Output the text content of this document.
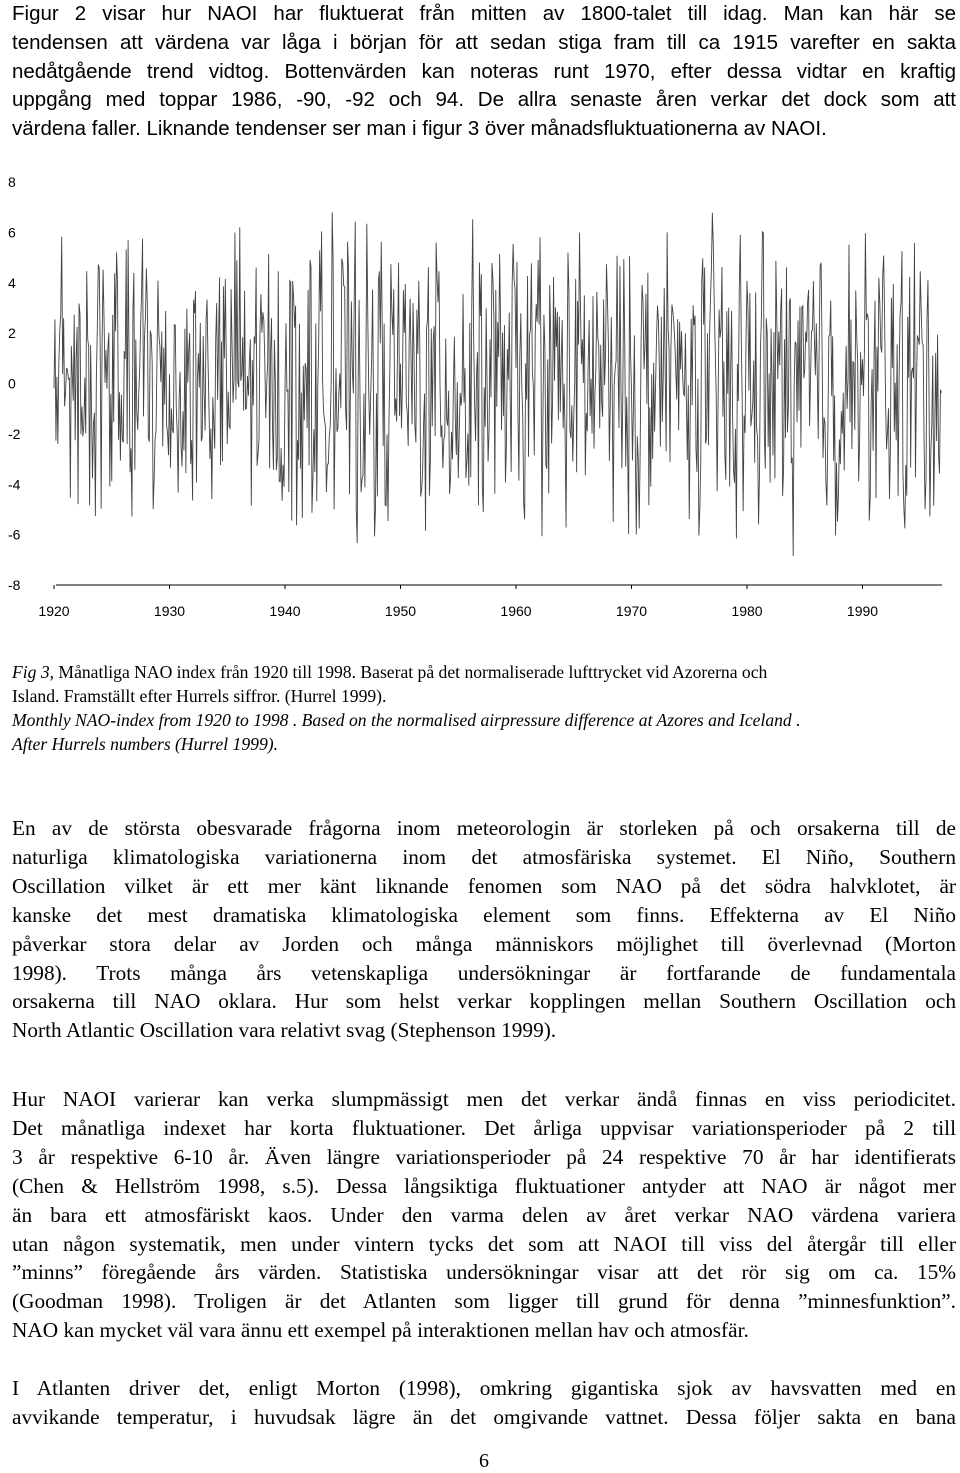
Figur 2 visar hur NAOI har fluktuerat från mitten av 1800-talet till idag. Man kan här se
tendensen att värdena var låga i början för att sedan stiga fram till ca 1915 varefter en sakta
nedåtgående trend vidtog. Bottenvärden kan noteras runt 1970, efter dessa vidtar en kraftig
uppgång med toppar 1986, -90, -92 och 94. De allra senaste åren verkar det dock som att
värdena faller. Liknande tendenser ser man i figur 3 över månadsfluktuationerna av NAOI.
8
6
4
2
0
-2
-4
-6
-8
1920	1930	1940	1950	1960	1970	1980	1990
Fig 3, Månatliga NAO index från 1920 till 1998. Baserat på det normaliserade lufttrycket vid Azorerna och
Island. Framställt efter Hurrels siffror. (Hurrel 1999).
Monthly NAO-index from 1920 to 1998 . Based on the normalised airpressure difference at Azores and Iceland .
After Hurrels numbers (Hurrel 1999).
En av de största obesvarade frågorna inom meteorologin är storleken på och orsakerna till de
naturliga klimatologiska variationerna inom det atmosfäriska systemet. El Niño, Southern
Oscillation vilket är ett mer känt liknande fenomen som NAO på det södra halvklotet, är
kanske det mest dramatiska klimatologiska element som finns. Effekterna av El Niño
påverkar stora delar av Jorden och många människors möjlighet till överlevnad (Morton
1998). Trots många års vetenskapliga undersökningar är fortfarande de fundamentala
orsakerna till NAO oklara. Hur som helst verkar kopplingen mellan Southern Oscillation och
North Atlantic Oscillation vara relativt svag (Stephenson 1999).
Hur NAOI varierar kan verka slumpmässigt men det verkar ändå finnas en viss periodicitet.
Det månatliga indexet har korta fluktuationer. Det årliga uppvisar variationsperioder på 2 till
3 år respektive 6-10 år. Även längre variationsperioder på 24 respektive 70 år har identifierats
(Chen & Hellström 1998, s.5). Dessa långsiktiga fluktuationer antyder att NAO är något mer
än bara ett atmosfäriskt kaos. Under den varma delen av året verkar NAO värdena variera
utan någon systematik, men under vintern tycks det som att NAOI till viss del återgår till eller
”minns” föregående års värden. Statistiska undersökningar visar att det rör sig om ca. 15%
(Goodman 1998). Troligen är det Atlanten som ligger till grund för denna ”minnesfunktion”.
NAO kan mycket väl vara ännu ett exempel på interaktionen mellan hav och atmosfär.
I Atlanten driver det, enligt Morton (1998), omkring gigantiska sjok av havsvatten med en
avvikande temperatur, i huvudsak lägre än det omgivande vattnet. Dessa följer sakta en bana
6
